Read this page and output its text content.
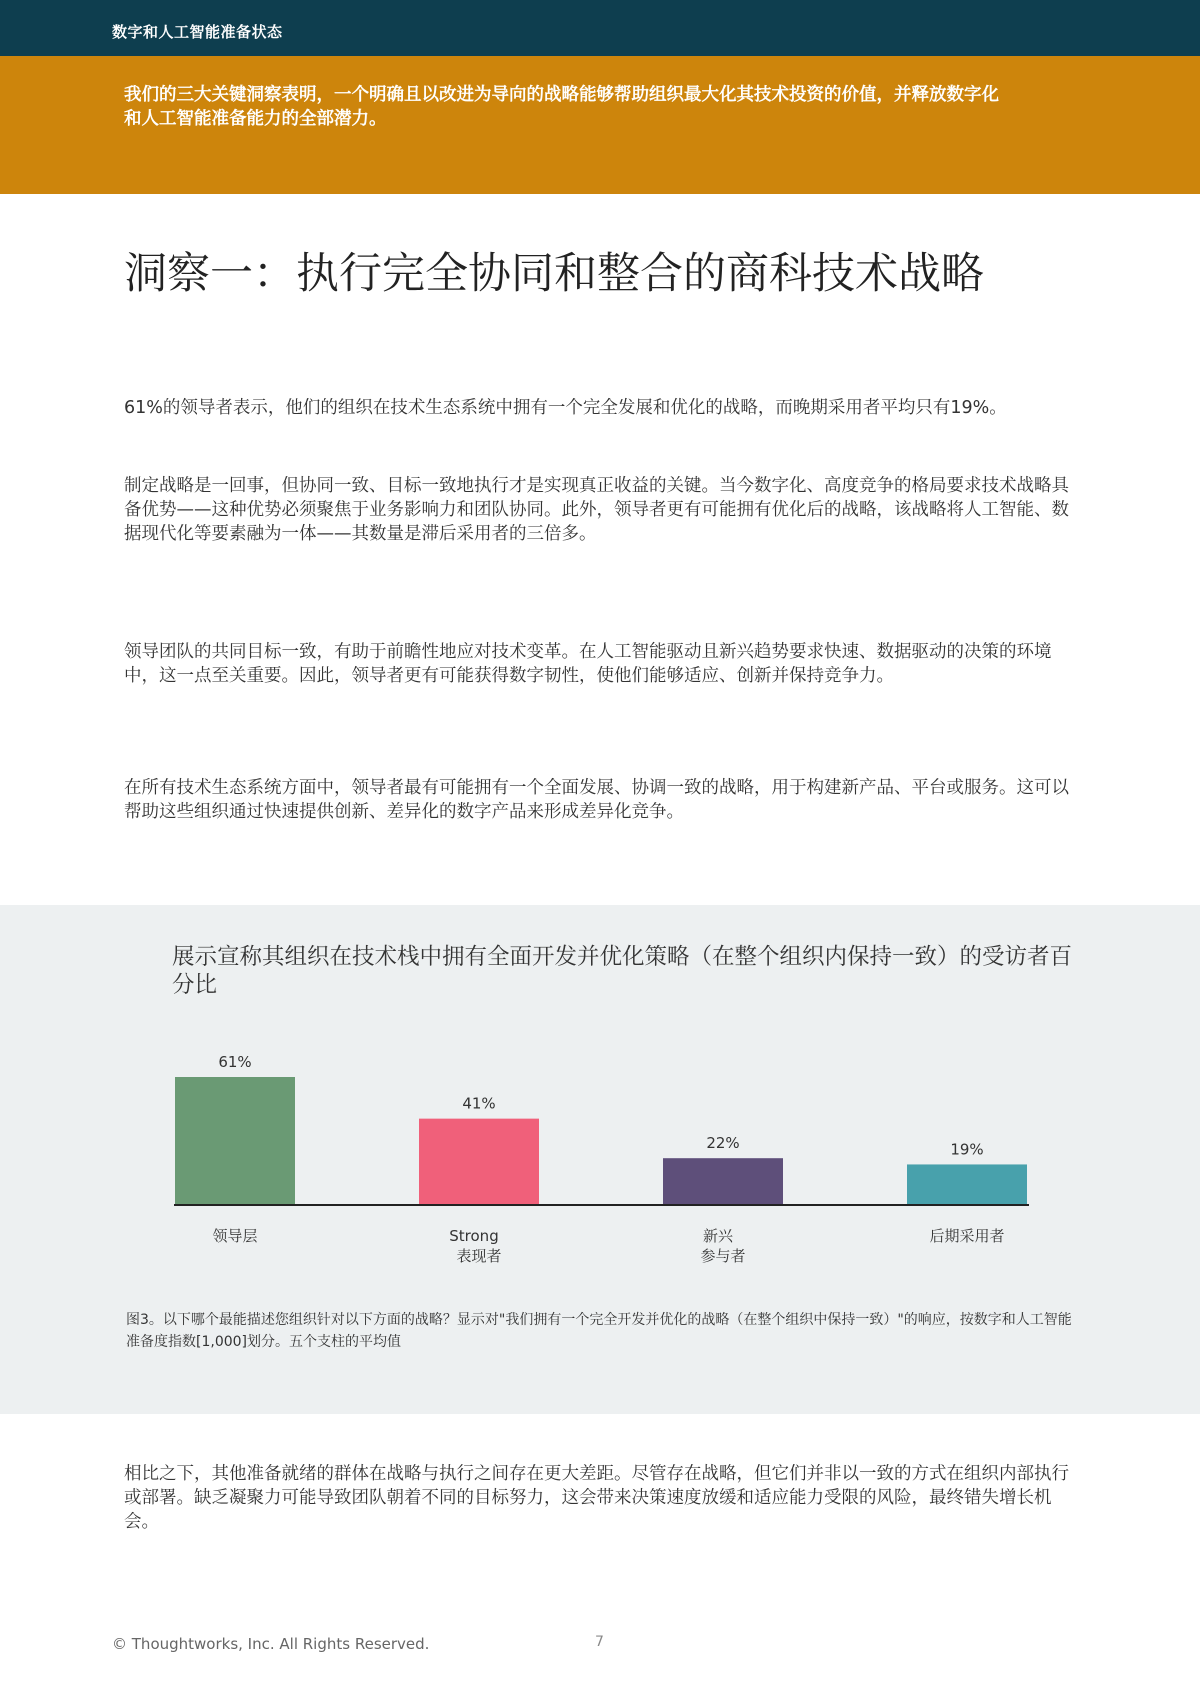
数字和人工智能准备状态
我们的三大关键洞察表明，一个明确且以改进为导向的战略能够帮助组织最大化其技术投资的价值，并释放数字化和人工智能准备能力的全部潜力。
洞察一：执行完全协同和整合的商科技术战略

61%的领导者表示，他们的组织在技术生态系统中拥有一个完全发展和优化的战略，而晚期采用者平均只有19%。

制定战略是一回事，但协同一致、目标一致地执行才是实现真正收益的关键。当今数字化、高度竞争的格局要求技术战略具备优势——这种优势必须聚焦于业务影响力和团队协同。此外，领导者更有可能拥有优化后的战略，该战略将人工智能、数据现代化等要素融为一体——其数量是滞后采用者的三倍多。

领导团队的共同目标一致，有助于前瞻性地应对技术变革。在人工智能驱动且新兴趋势要求快速、数据驱动的决策的环境中，这一点至关重要。因此，领导者更有可能获得数字韧性，使他们能够适应、创新并保持竞争力。

在所有技术生态系统方面中，领导者最有可能拥有一个全面发展、协调一致的战略，用于构建新产品、平台或服务。这可以帮助这些组织通过快速提供创新、差异化的数字产品来形成差异化竞争。

展示宣称其组织在技术栈中拥有全面开发并优化策略（在整个组织内保持一致）的受访者百分比
61%
领导层
41%
Strong 表现者
22%
新兴参与者
19%
后期采用者
图3。以下哪个最能描述您组织针对以下方面的战略？显示对"我们拥有一个完全开发并优化的战略（在整个组织中保持一致）"的响应，按数字和人工智能准备度指数[1,000]划分。五个支柱的平均值

相比之下，其他准备就绪的群体在战略与执行之间存在更大差距。尽管存在战略，但它们并非以一致的方式在组织内部执行或部署。缺乏凝聚力可能导致团队朝着不同的目标努力，这会带来决策速度放缓和适应能力受限的风险，最终错失增长机会。

© Thoughtworks, Inc. All Rights Reserved.	7
